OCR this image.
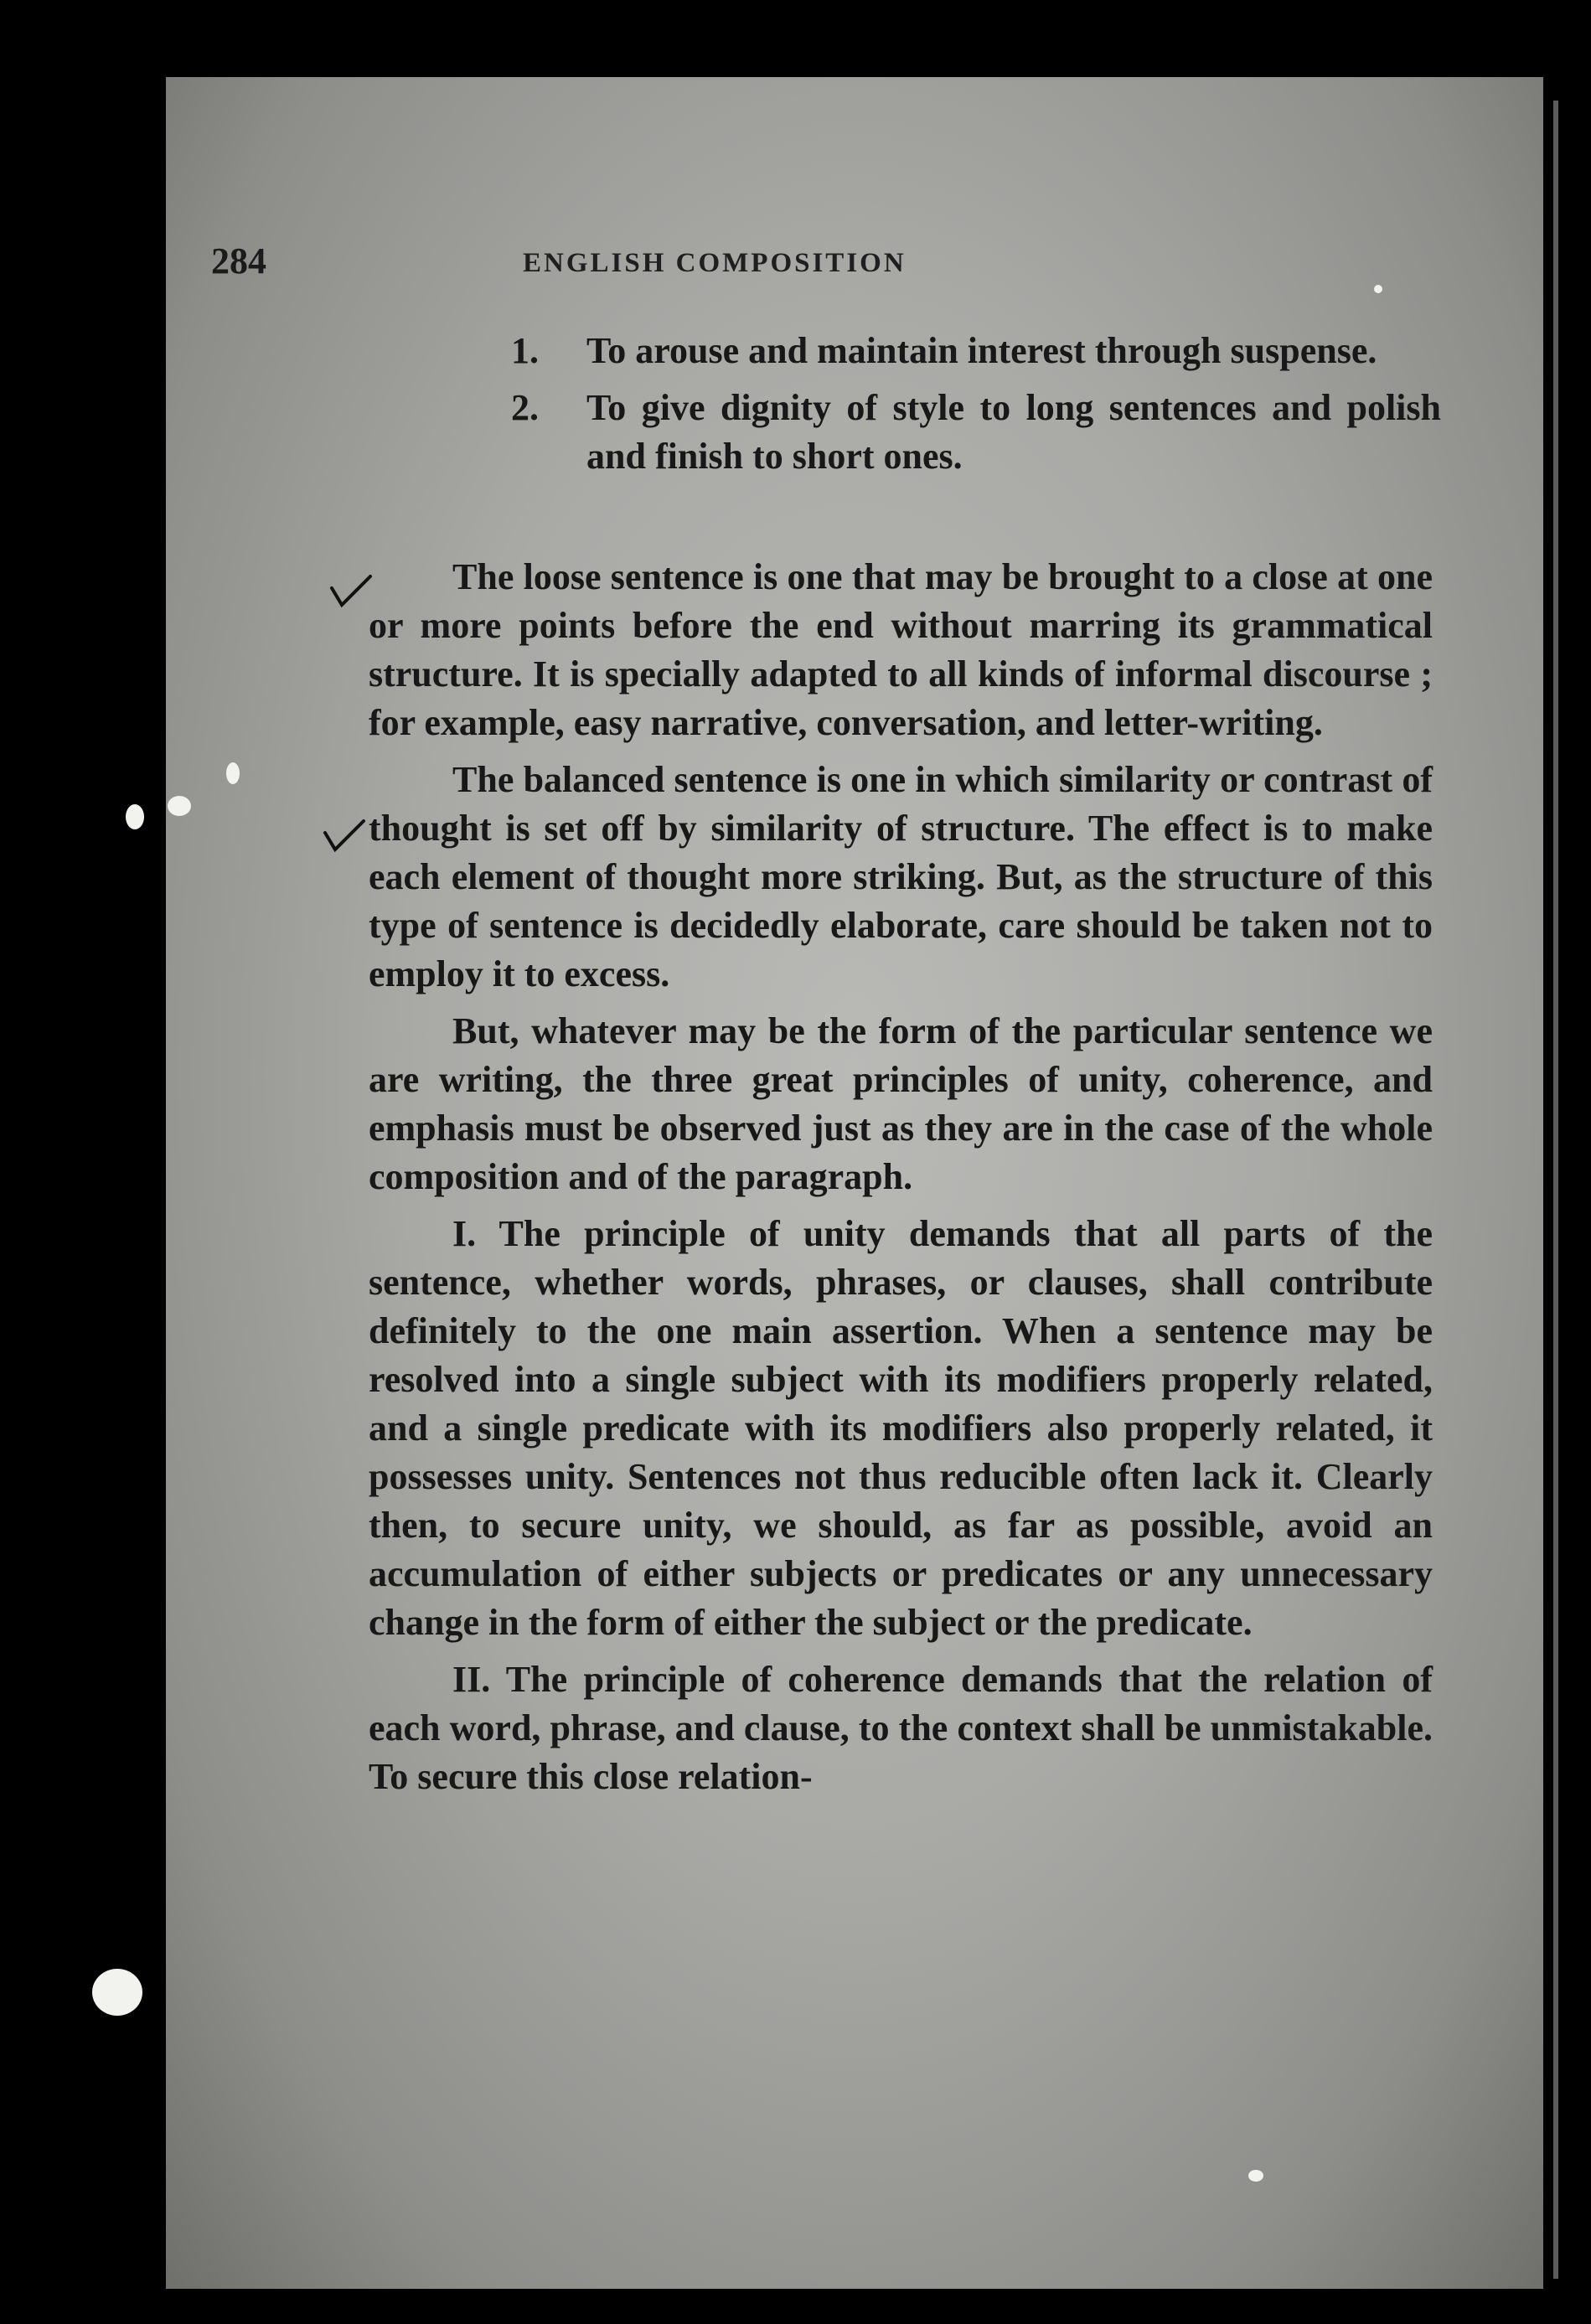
284	ENGLISH COMPOSITION
1. To arouse and maintain interest through suspense.
2. To give dignity of style to long sentences and polish and finish to short ones.

The loose sentence is one that may be brought to a close at one or more points before the end without marring its grammatical structure. It is specially adapted to all kinds of informal discourse ; for example, easy narrative, conversation, and letter-writing.

The balanced sentence is one in which similarity or contrast of thought is set off by similarity of structure. The effect is to make each element of thought more striking. But, as the structure of this type of sentence is decidedly elaborate, care should be taken not to employ it to excess.

But, whatever may be the form of the particular sentence we are writing, the three great principles of unity, coherence, and emphasis must be observed just as they are in the case of the whole composition and of the paragraph.

I. The principle of unity demands that all parts of the sentence, whether words, phrases, or clauses, shall contribute definitely to the one main assertion. When a sentence may be resolved into a single subject with its modifiers properly related, and a single predicate with its modifiers also properly related, it possesses unity. Sentences not thus reducible often lack it. Clearly then, to secure unity, we should, as far as possible, avoid an accumulation of either subjects or predicates or any unnecessary change in the form of either the subject or the predicate.

II. The principle of coherence demands that the relation of each word, phrase, and clause, to the context shall be unmistakable. To secure this close relation-
